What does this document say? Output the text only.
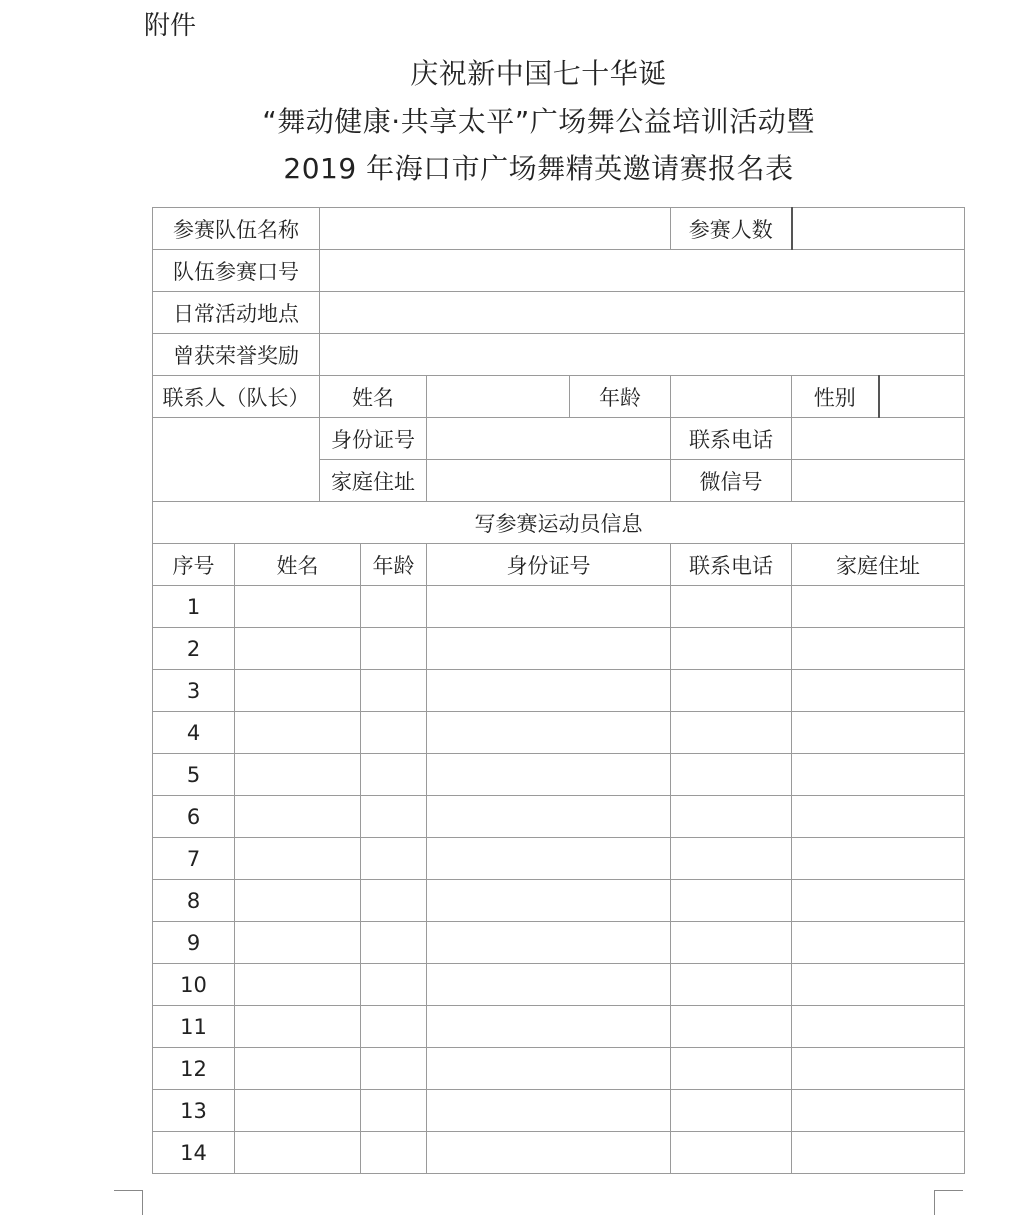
附件
庆祝新中国七十华诞
“舞动健康·共享太平”广场舞公益培训活动暨
2019 年海口市广场舞精英邀请赛报名表
参赛队伍名称						参赛人数		
队伍参赛口号								
日常活动地点								
曾获荣誉奖励								
联系人（队长）		姓名			年龄		性别	
		身份证号				联系电话		
		家庭住址				微信号		
写参赛运动员信息								
序号	姓名		年龄	身份证号		联系电话	家庭住址	
1								
2								
3								
4								
5								
6								
7								
8								
9								
10								
11								
12								
13								
14								
